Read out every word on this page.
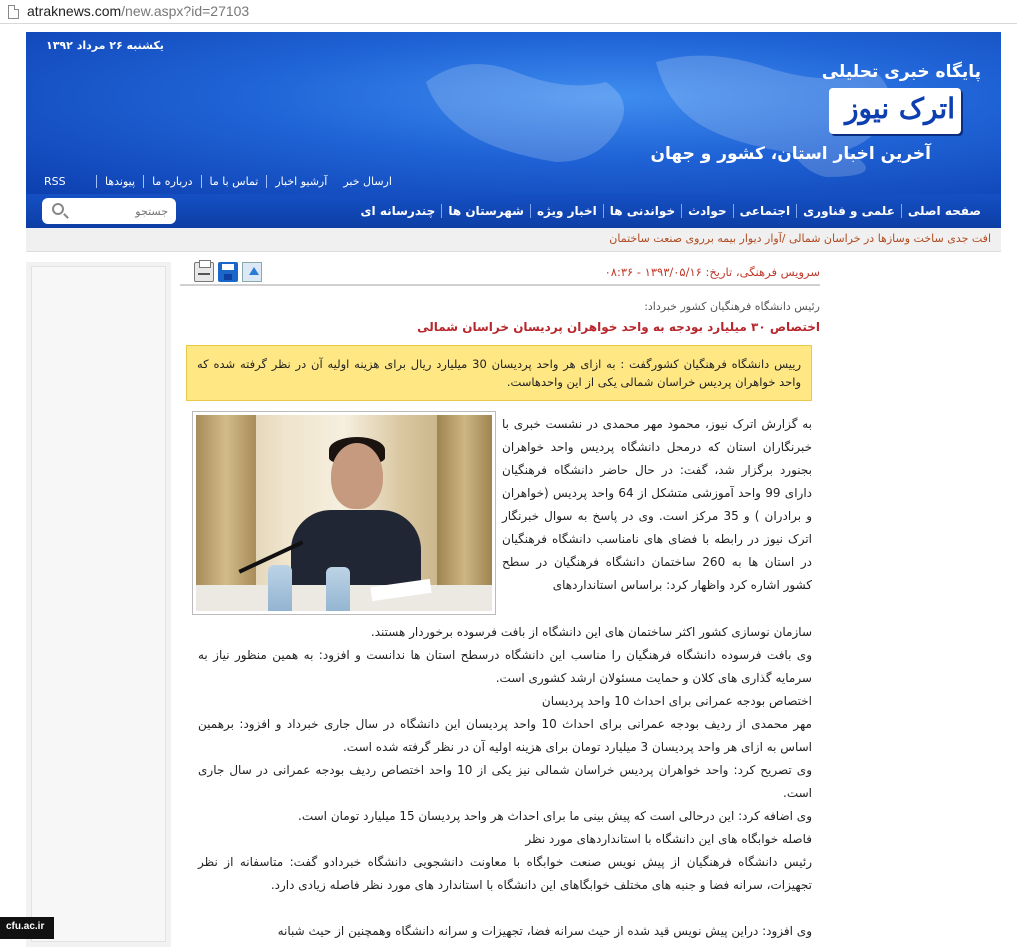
atraknews.com/new.aspx?id=27103
یکشنبه ۲۶ مرداد ۱۳۹۲
پایگاه خبری تحلیلی
اترک نیوز
آخرین اخبار استان، کشور و جهان
پیوندها	درباره ما	تماس با ما	آرشیو اخبار	ارسال خبر
RSS
صفحه اصلی
علمی و فناوری
اجتماعی
حوادث
خواندنی ها
اخبار ویژه
شهرستان ها
چندرسانه ای
جستجو
افت جدی ساخت وسازها در خراسان شمالی /آوار دیوار بیمه برروی صنعت ساختمان
سرویس فرهنگی، تاریخ: ۱۳۹۳/۰۵/۱۶ - ۰۸:۳۶
رئیس دانشگاه فرهنگیان کشور خبرداد:
اختصاص ۳۰ میلیارد بودجه به واحد خواهران پردیسان خراسان شمالی

رییس دانشگاه فرهنگیان کشورگفت : به ازای هر واحد پردیسان 30 میلیارد ریال برای هزینه اولیه آن در نظر گرفته شده که واحد خواهران پردیس خراسان شمالی یکی از این واحدهاست.

به گزارش اترک نیوز، محمود مهر محمدی در نشست خبری با خبرنگاران استان که درمحل دانشگاه پردیس واحد خواهران بجنورد برگزار شد، گفت: در حال حاضر دانشگاه فرهنگیان دارای 99 واحد آموزشی متشکل از 64 واحد پردیس (خواهران و برادران ) و 35 مرکز است. وی در پاسخ به سوال خبرنگار اترک نیوز در رابطه با فضای های نامناسب دانشگاه فرهنگیان در استان ها به 260 ساختمان دانشگاه فرهنگیان در سطح کشور اشاره کرد واظهار کرد: براساس استانداردهای

سازمان نوسازی کشور اکثر ساختمان های این دانشگاه از بافت فرسوده برخوردار هستند.

وی بافت فرسوده دانشگاه فرهنگیان را مناسب این دانشگاه درسطح استان ها ندانست و افزود: به همین منظور نیاز به سرمایه گذاری های کلان و حمایت مسئولان ارشد کشوری است.

اختصاص بودجه عمرانی برای احداث 10 واحد پردیسان

مهر محمدی از ردیف بودجه عمرانی برای احداث 10 واحد پردیسان این دانشگاه در سال جاری خبرداد و افزود: برهمین اساس به ازای هر واحد پردیسان 3 میلیارد تومان برای هزینه اولیه آن در نظر گرفته شده است.

وی تصریح کرد: واحد خواهران پردیس خراسان شمالی نیز یکی از 10 واحد اختصاص ردیف بودجه عمرانی در سال جاری است.

وی اضافه کرد: این درحالی است که پیش بینی ما برای احداث هر واحد پردیسان 15 میلیارد تومان است.

فاصله خوابگاه های این دانشگاه با استانداردهای مورد نظر

رئیس دانشگاه فرهنگیان از پیش نویس صنعت خوابگاه با معاونت دانشجویی دانشگاه خبردادو گفت: متاسفانه از نظر تجهیزات، سرانه فضا و جنبه های مختلف خوابگاهای این دانشگاه با استاندارد های مورد نظر فاصله زیادی دارد.

وی افزود: دراین پیش نویس قید شده از حیث سرانه فضا، تجهیزات و سرانه دانشگاه وهمچنین از حیث شبانه

cfu.ac.ir
